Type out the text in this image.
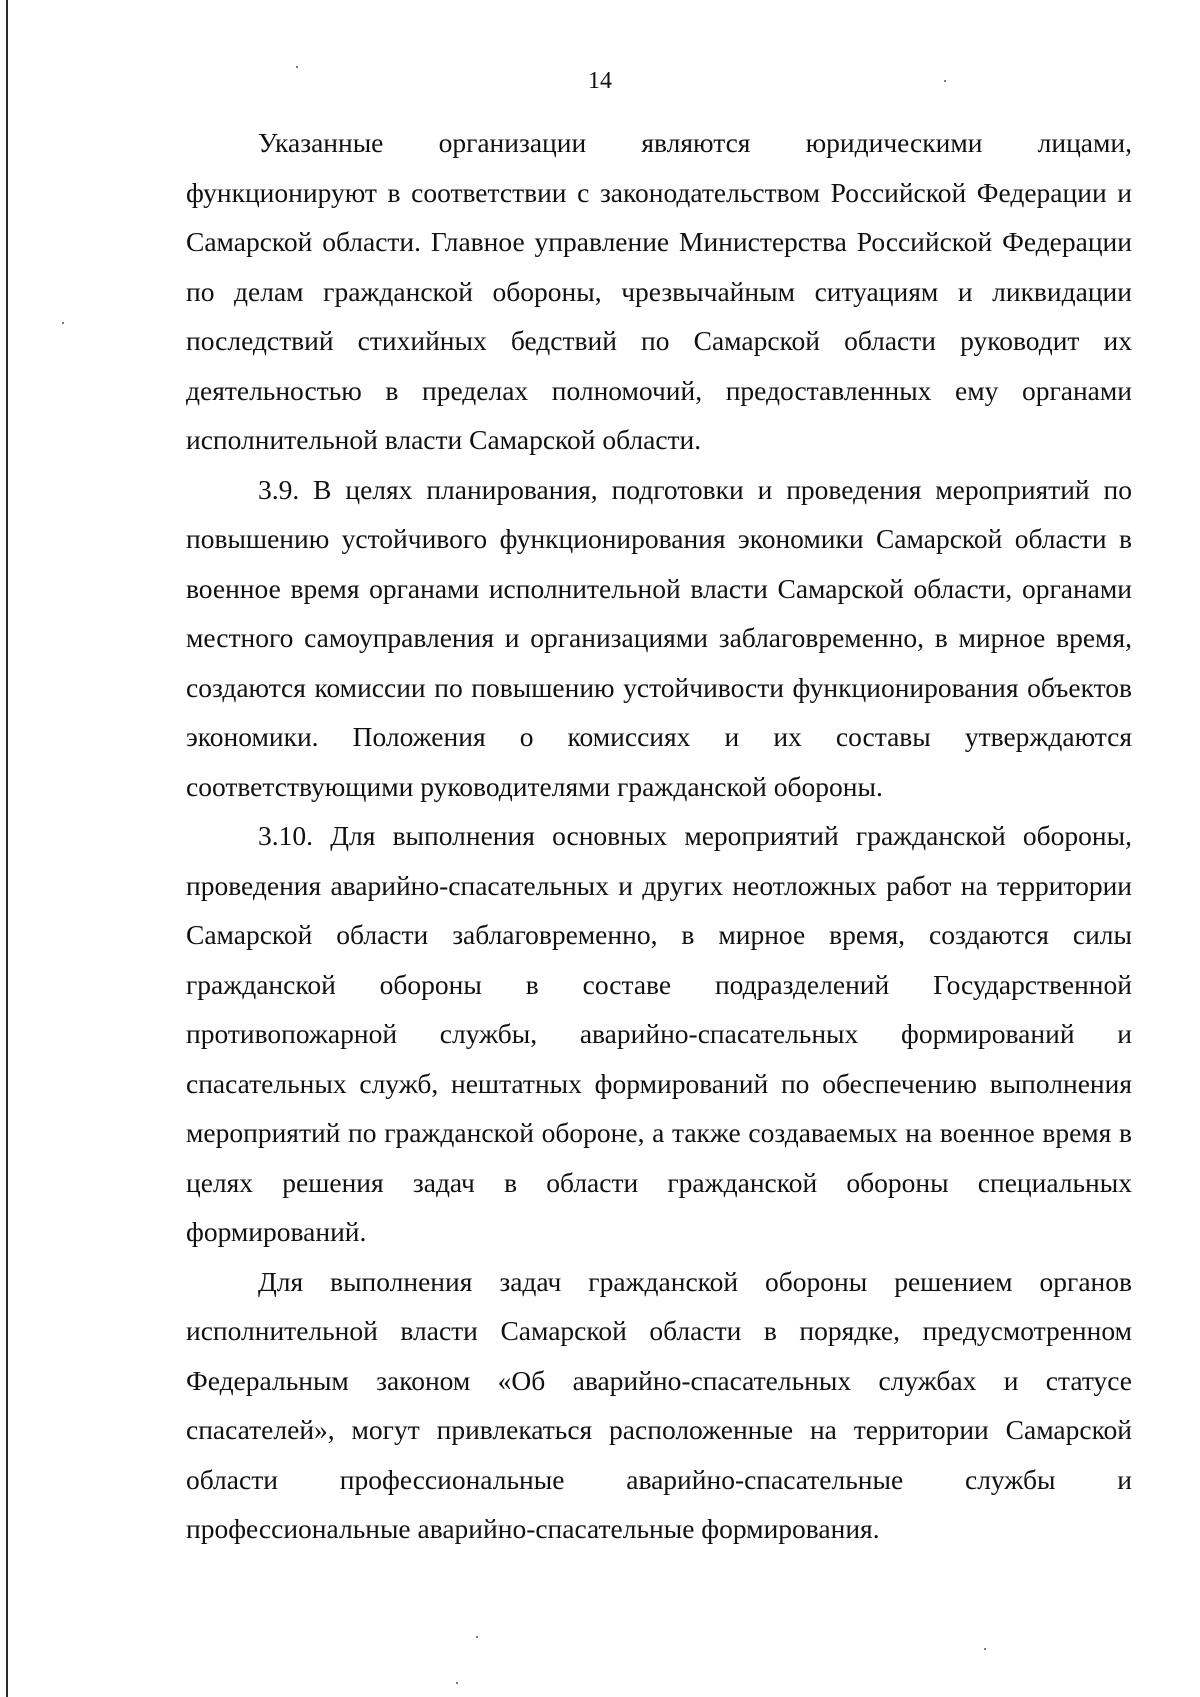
14

Указанные организации являются юридическими лицами, функционируют в соответствии с законодательством Российской Федерации и Самарской области. Главное управление Министерства Российской Федерации по делам гражданской обороны, чрезвычайным ситуациям и ликвидации последствий стихийных бедствий по Самарской области руководит их деятельностью в пределах полномочий, предоставленных ему органами исполнительной власти Самарской области.

3.9. В целях планирования, подготовки и проведения мероприятий по повышению устойчивого функционирования экономики Самарской области в военное время органами исполнительной власти Самарской области, органами местного самоуправления и организациями заблаговременно, в мирное время, создаются комиссии по повышению устойчивости функционирования объектов экономики. Положения о комиссиях и их составы утверждаются соответствующими руководителями гражданской обороны.

3.10. Для выполнения основных мероприятий гражданской обороны, проведения аварийно-спасательных и других неотложных работ на территории Самарской области заблаговременно, в мирное время, создаются силы гражданской обороны в составе подразделений Государственной противопожарной службы, аварийно-спасательных формирований и спасательных служб, нештатных формирований по обеспечению выполнения мероприятий по гражданской обороне, а также создаваемых на военное время в целях решения задач в области гражданской обороны специальных формирований.

Для выполнения задач гражданской обороны решением органов исполнительной власти Самарской области в порядке, предусмотренном Федеральным законом «Об аварийно-спасательных службах и статусе спасателей», могут привлекаться расположенные на территории Самарской области профессиональные аварийно-спасательные службы и профессиональные аварийно-спасательные формирования.
